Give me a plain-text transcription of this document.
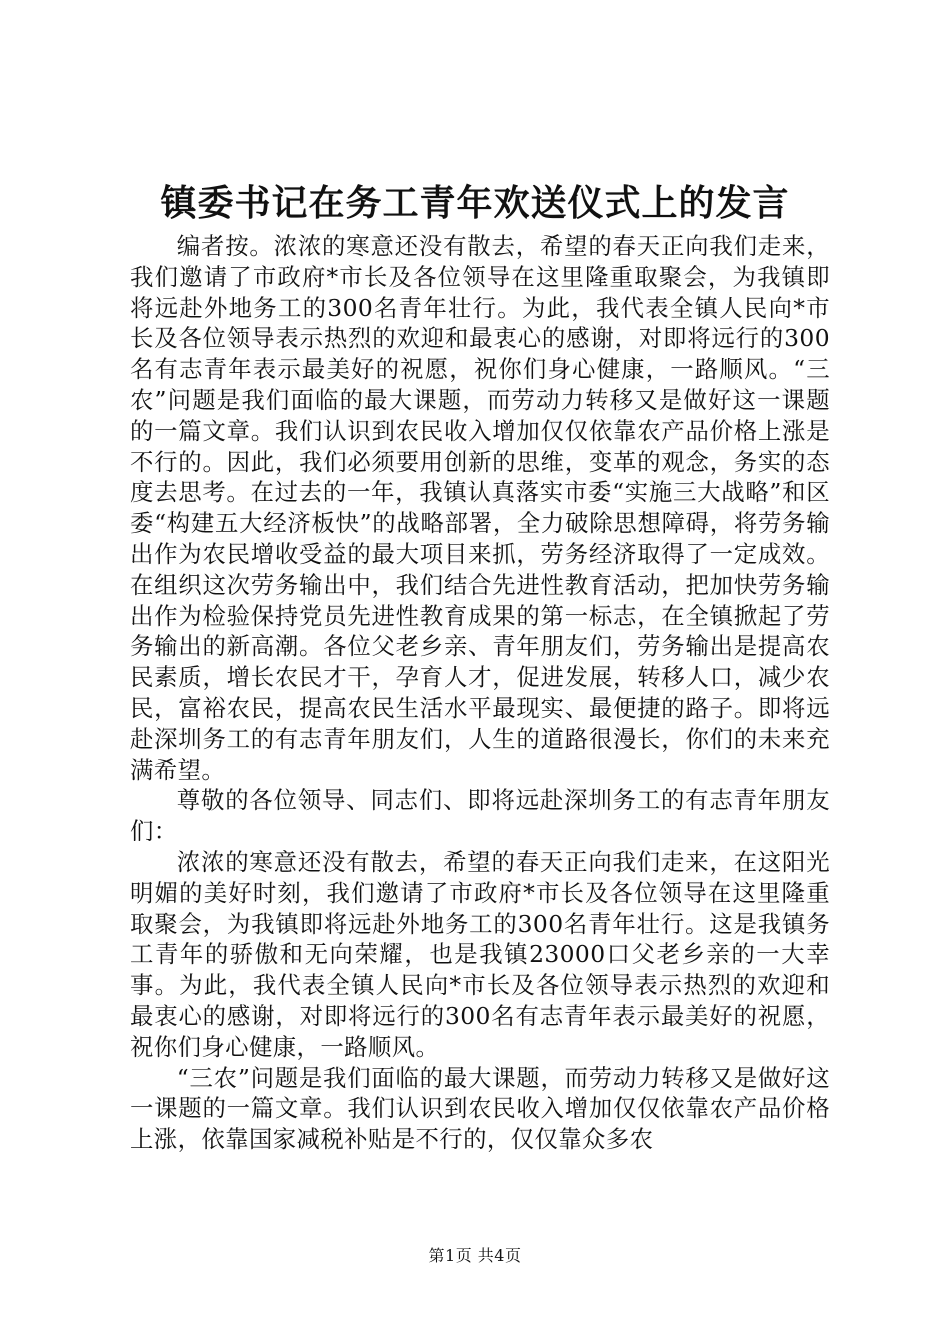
镇委书记在务工青年欢送仪式上的发言

编者按。浓浓的寒意还没有散去，希望的春天正向我们走来，我们邀请了市政府*市长及各位领导在这里隆重取聚会，为我镇即将远赴外地务工的300名青年壮行。为此，我代表全镇人民向*市长及各位领导表示热烈的欢迎和最衷心的感谢，对即将远行的300名有志青年表示最美好的祝愿，祝你们身心健康，一路顺风。“三农”问题是我们面临的最大课题，而劳动力转移又是做好这一课题的一篇文章。我们认识到农民收入增加仅仅依靠农产品价格上涨是不行的。因此，我们必须要用创新的思维，变革的观念，务实的态度去思考。在过去的一年，我镇认真落实市委“实施三大战略”和区委“构建五大经济板快”的战略部署，全力破除思想障碍，将劳务输出作为农民增收受益的最大项目来抓，劳务经济取得了一定成效。在组织这次劳务输出中，我们结合先进性教育活动，把加快劳务输出作为检验保持党员先进性教育成果的第一标志，在全镇掀起了劳务输出的新高潮。各位父老乡亲、青年朋友们，劳务输出是提高农民素质，增长农民才干，孕育人才，促进发展，转移人口，减少农民，富裕农民，提高农民生活水平最现实、最便捷的路子。即将远赴深圳务工的有志青年朋友们，人生的道路很漫长，你们的未来充满希望。

尊敬的各位领导、同志们、即将远赴深圳务工的有志青年朋友们：

浓浓的寒意还没有散去，希望的春天正向我们走来，在这阳光明媚的美好时刻，我们邀请了市政府*市长及各位领导在这里隆重取聚会，为我镇即将远赴外地务工的300名青年壮行。这是我镇务工青年的骄傲和无向荣耀，也是我镇23000口父老乡亲的一大幸事。为此，我代表全镇人民向*市长及各位领导表示热烈的欢迎和最衷心的感谢，对即将远行的300名有志青年表示最美好的祝愿，祝你们身心健康，一路顺风。

“三农”问题是我们面临的最大课题，而劳动力转移又是做好这一课题的一篇文章。我们认识到农民收入增加仅仅依靠农产品价格上涨，依靠国家减税补贴是不行的，仅仅靠众多农

第1页 共4页
